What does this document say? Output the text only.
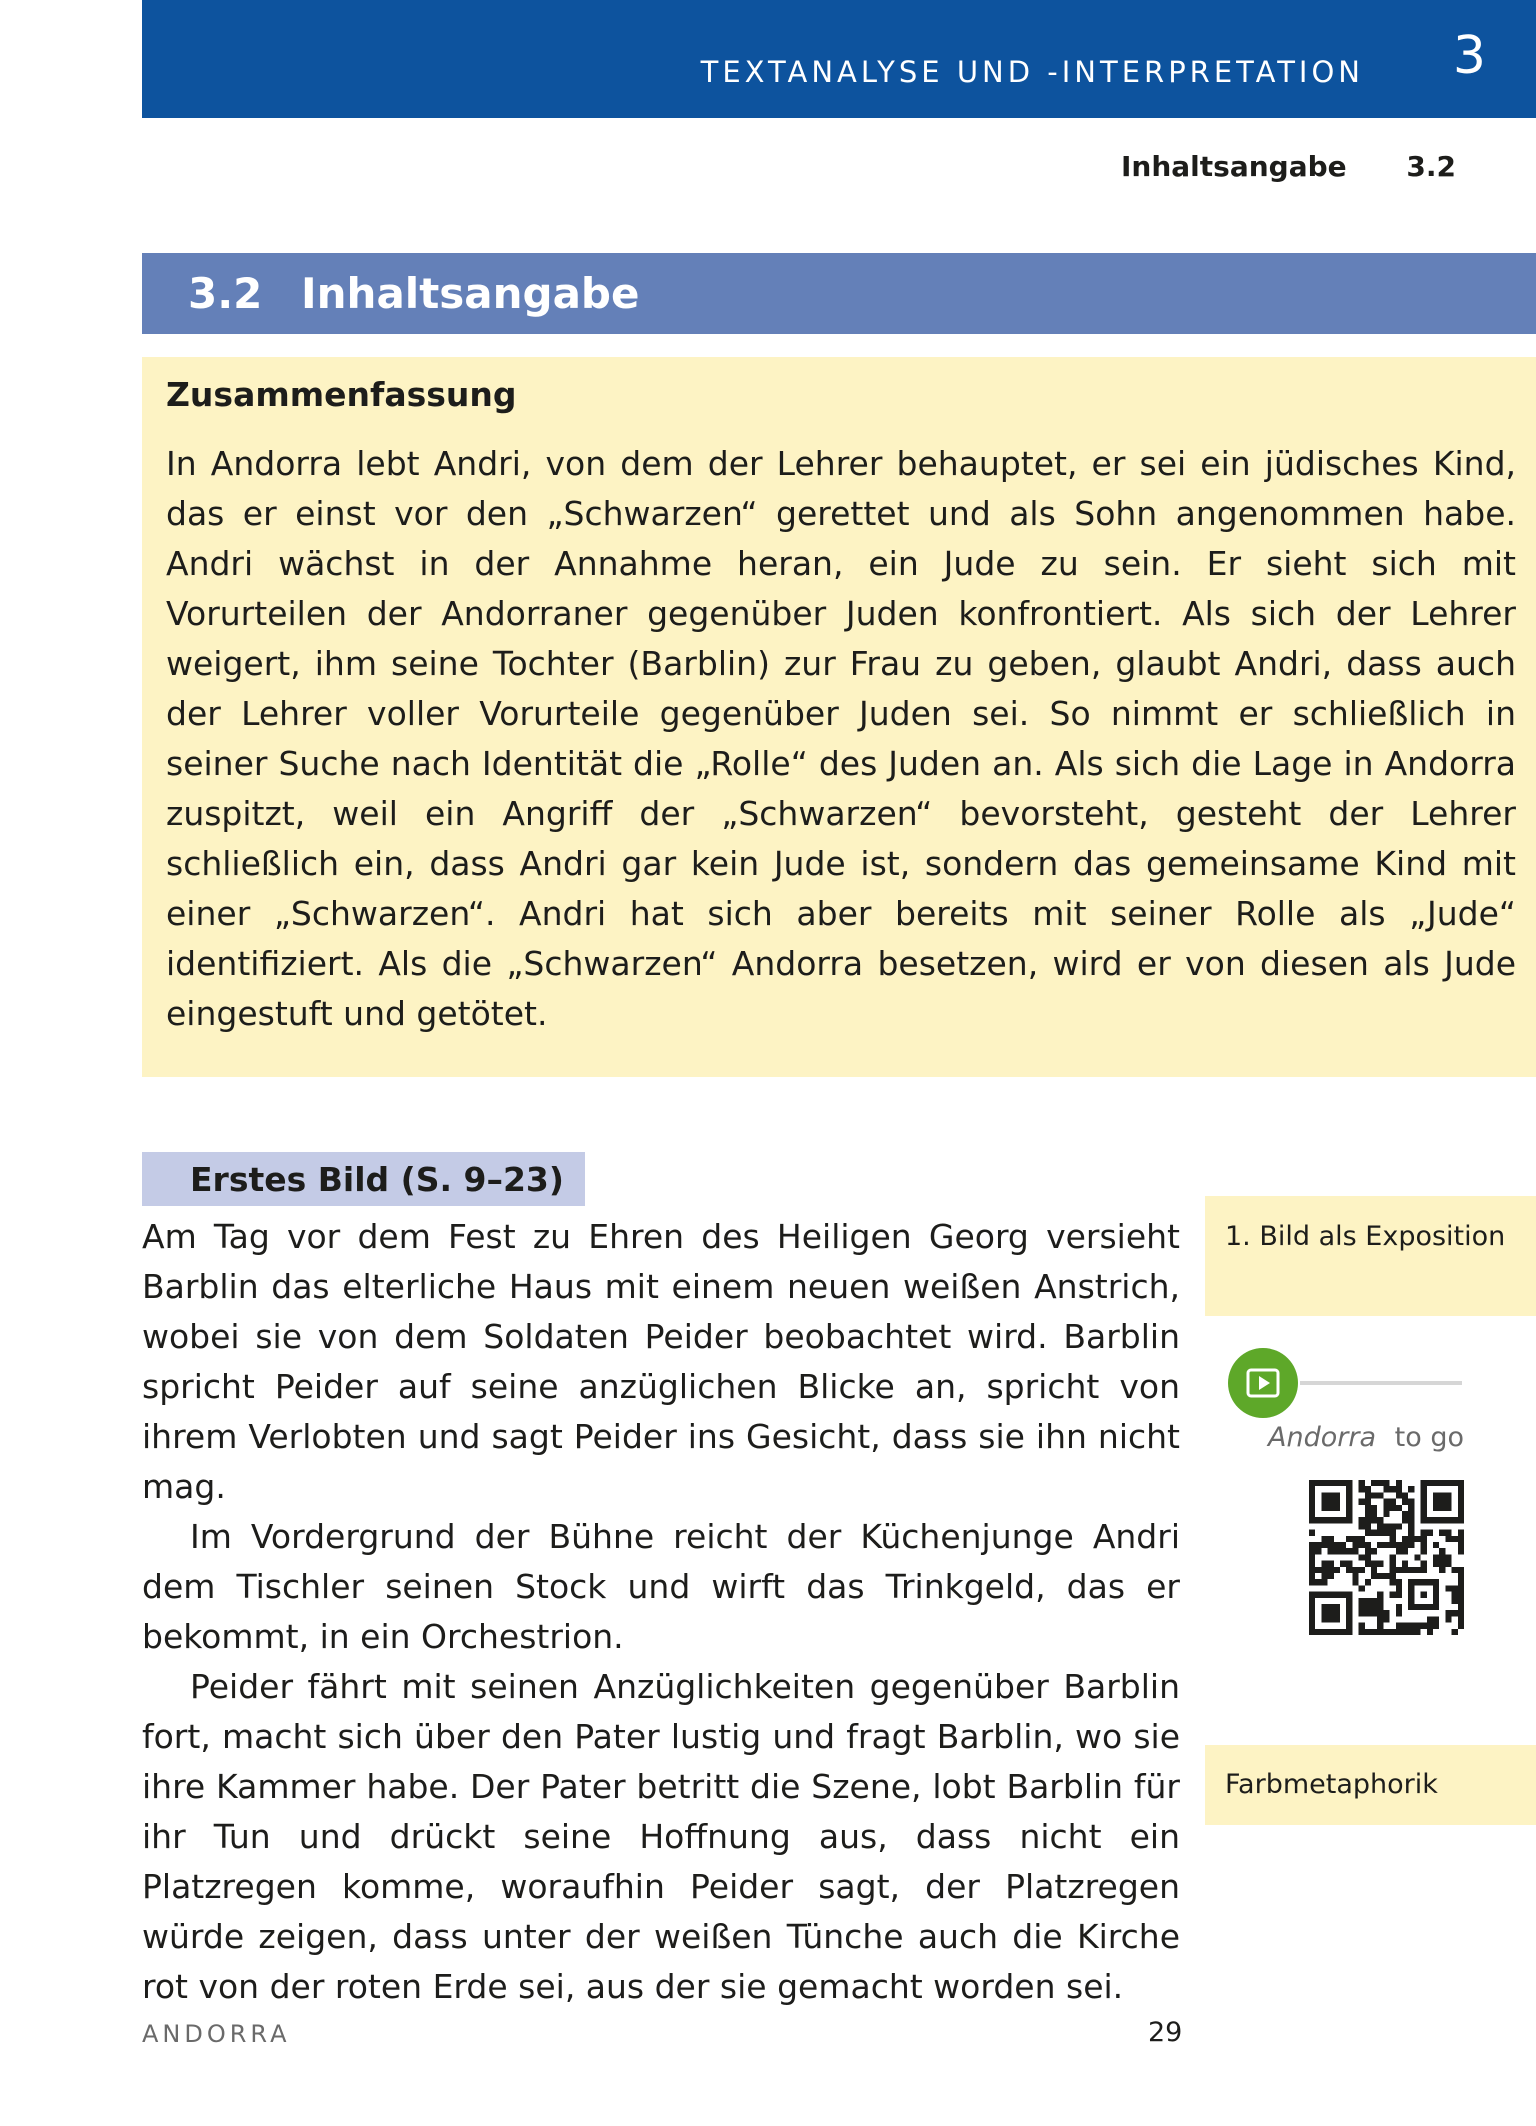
TEXTANALYSE UND -INTERPRETATION 3
Inhaltsangabe 3.2
3.2 Inhaltsangabe
Zusammenfassung

In Andorra lebt Andri, von dem der Lehrer behauptet, er sei ein jüdisches Kind, das er einst vor den „Schwarzen“ gerettet und als Sohn angenommen habe. Andri wächst in der Annahme heran, ein Jude zu sein. Er sieht sich mit Vorurteilen der Andorraner gegenüber Juden konfrontiert. Als sich der Lehrer weigert, ihm seine Tochter (Barblin) zur Frau zu geben, glaubt Andri, dass auch der Lehrer voller Vorurteile gegenüber Juden sei. So nimmt er schließlich in seiner Suche nach Identität die „Rolle“ des Juden an. Als sich die Lage in Andorra zuspitzt, weil ein Angriff der „Schwarzen“ bevorsteht, gesteht der Lehrer schließlich ein, dass Andri gar kein Jude ist, sondern das gemeinsame Kind mit einer „Schwarzen“. Andri hat sich aber bereits mit seiner Rolle als „Jude“ identifiziert. Als die „Schwarzen“ Andorra besetzen, wird er von diesen als Jude eingestuft und getötet.

Erstes Bild (S. 9–23)

Am Tag vor dem Fest zu Ehren des Heiligen Georg versieht Barblin das elterliche Haus mit einem neuen weißen Anstrich, wobei sie von dem Soldaten Peider beobachtet wird. Barblin spricht Peider auf seine anzüglichen Blicke an, spricht von ihrem Verlobten und sagt Peider ins Gesicht, dass sie ihn nicht mag.

Im Vordergrund der Bühne reicht der Küchenjunge Andri dem Tischler seinen Stock und wirft das Trinkgeld, das er bekommt, in ein Orchestrion.

Peider fährt mit seinen Anzüglichkeiten gegenüber Barblin fort, macht sich über den Pater lustig und fragt Barblin, wo sie ihre Kammer habe. Der Pater betritt die Szene, lobt Barblin für ihr Tun und drückt seine Hoffnung aus, dass nicht ein Platzregen komme, woraufhin Peider sagt, der Platzregen würde zeigen, dass unter der weißen Tünche auch die Kirche rot von der roten Erde sei, aus der sie gemacht worden sei.

1. Bild als Exposition
Andorra to go
Farbmetaphorik
ANDORRA	29
